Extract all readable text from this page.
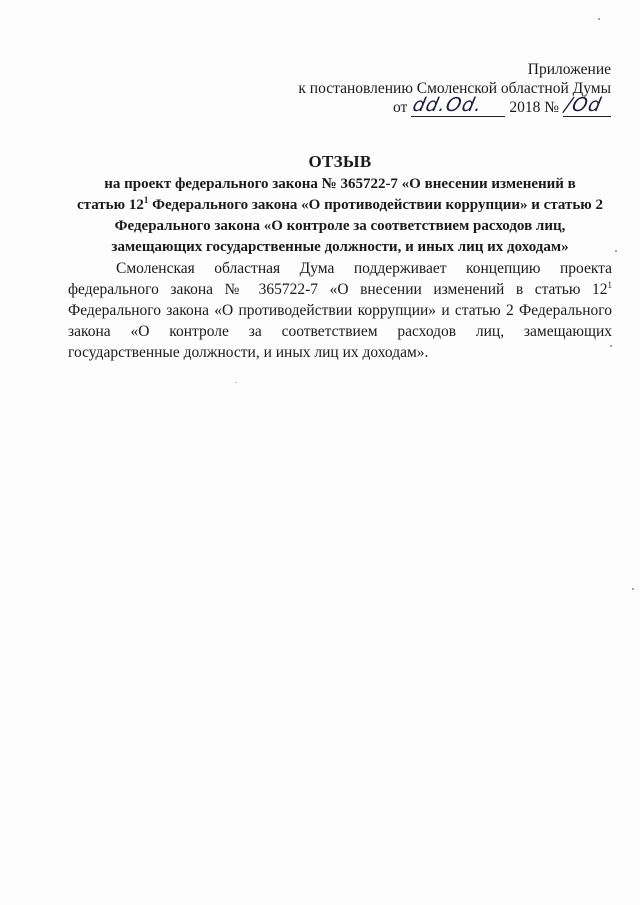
Приложение
к постановлению Смоленской областной Думы
от dd.Od. 2018 № /Od
ОТЗЫВ
на проект федерального закона № 365722-7 «О внесении изменений в
статью $12^1$ Федерального закона «О противодействии коррупции» и статью 2
Федерального закона «О контроле за соответствием расходов лиц,
замещающих государственные должности, и иных лиц их доходам»
Смоленская областная Дума поддерживает концепцию проекта федерального закона № 365722-7 «О внесении изменений в статью $12^1$ Федерального закона «О противодействии коррупции» и статью 2 Федерального закона «О контроле за соответствием расходов лиц, замещающих государственные должности, и иных лиц их доходам».
